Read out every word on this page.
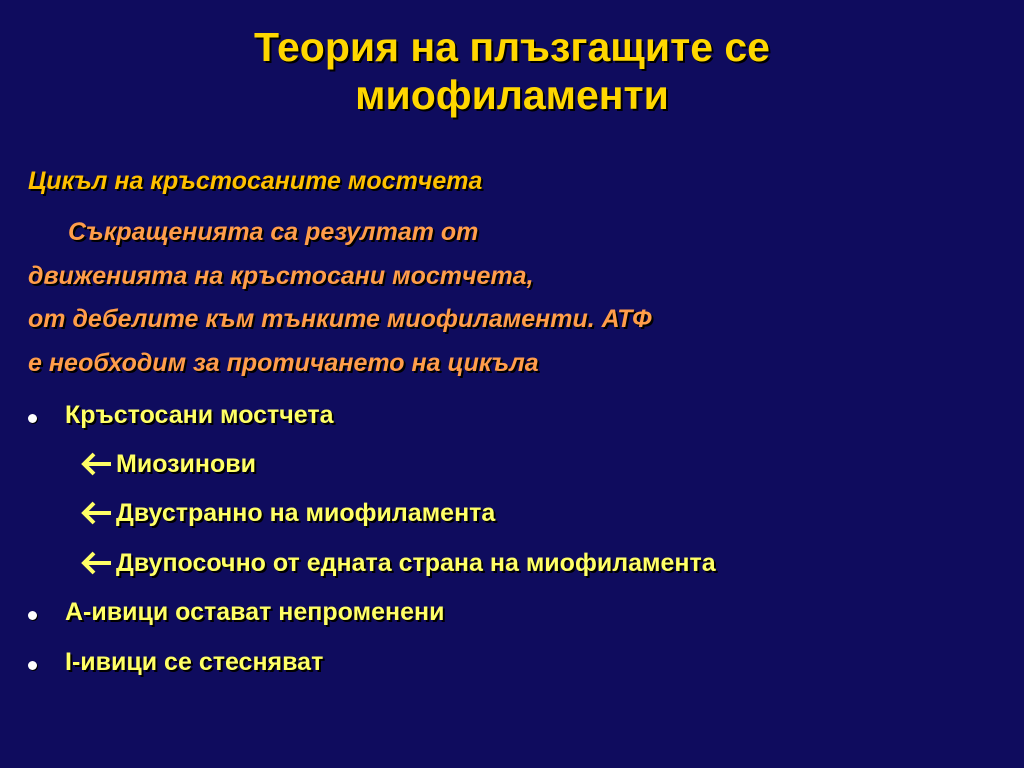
Теория на плъзгащите се
миофиламенти
Цикъл на кръстосаните мостчета
Съкращенията са резултат от
движенията на кръстосани мостчета,
от дебелите към тънките миофиламенти. АТФ
е необходим за протичането на цикъла
Кръстосани мостчета
Миозинови
Двустранно на миофиламента
Двупосочно от едната страна на миофиламента
А-ивици остават непроменени
І-ивици се стесняват
